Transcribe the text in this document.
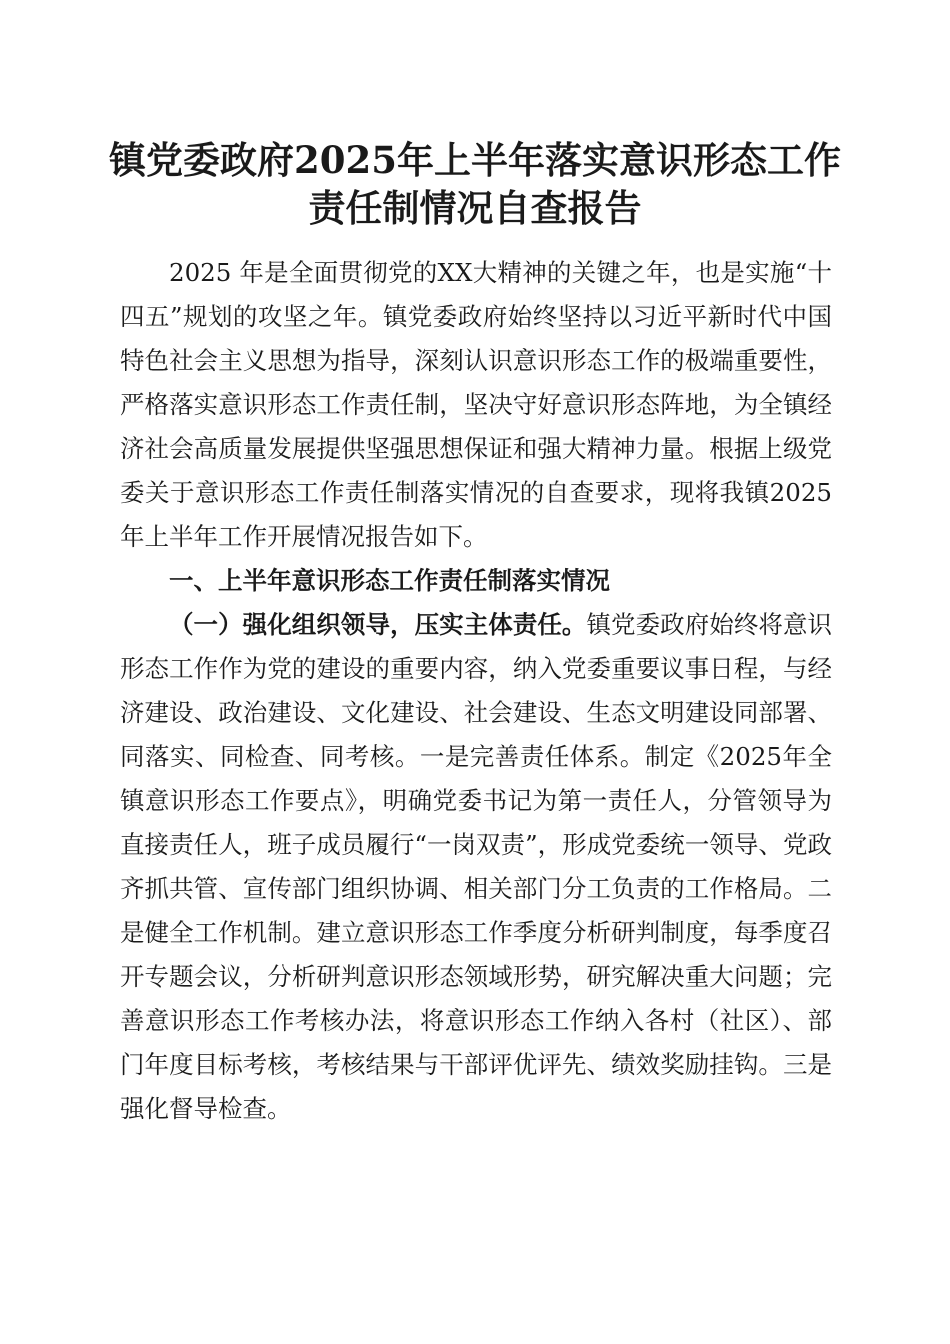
镇党委政府2025年上半年落实意识形态工作
责任制情况自查报告

2025 年是全面贯彻党的XX大精神的关键之年，也是实施“十四五”规划的攻坚之年。镇党委政府始终坚持以习近平新时代中国特色社会主义思想为指导，深刻认识意识形态工作的极端重要性，严格落实意识形态工作责任制，坚决守好意识形态阵地，为全镇经济社会高质量发展提供坚强思想保证和强大精神力量。根据上级党委关于意识形态工作责任制落实情况的自查要求，现将我镇2025年上半年工作开展情况报告如下。

一、上半年意识形态工作责任制落实情况

（一）强化组织领导，压实主体责任。镇党委政府始终将意识形态工作作为党的建设的重要内容，纳入党委重要议事日程，与经济建设、政治建设、文化建设、社会建设、生态文明建设同部署、同落实、同检查、同考核。一是完善责任体系。制定《2025年全镇意识形态工作要点》，明确党委书记为第一责任人，分管领导为直接责任人，班子成员履行“一岗双责”，形成党委统一领导、党政齐抓共管、宣传部门组织协调、相关部门分工负责的工作格局。二是健全工作机制。建立意识形态工作季度分析研判制度，每季度召开专题会议，分析研判意识形态领域形势，研究解决重大问题；完善意识形态工作考核办法，将意识形态工作纳入各村（社区）、部门年度目标考核，考核结果与干部评优评先、绩效奖励挂钩。三是强化督导检查。
